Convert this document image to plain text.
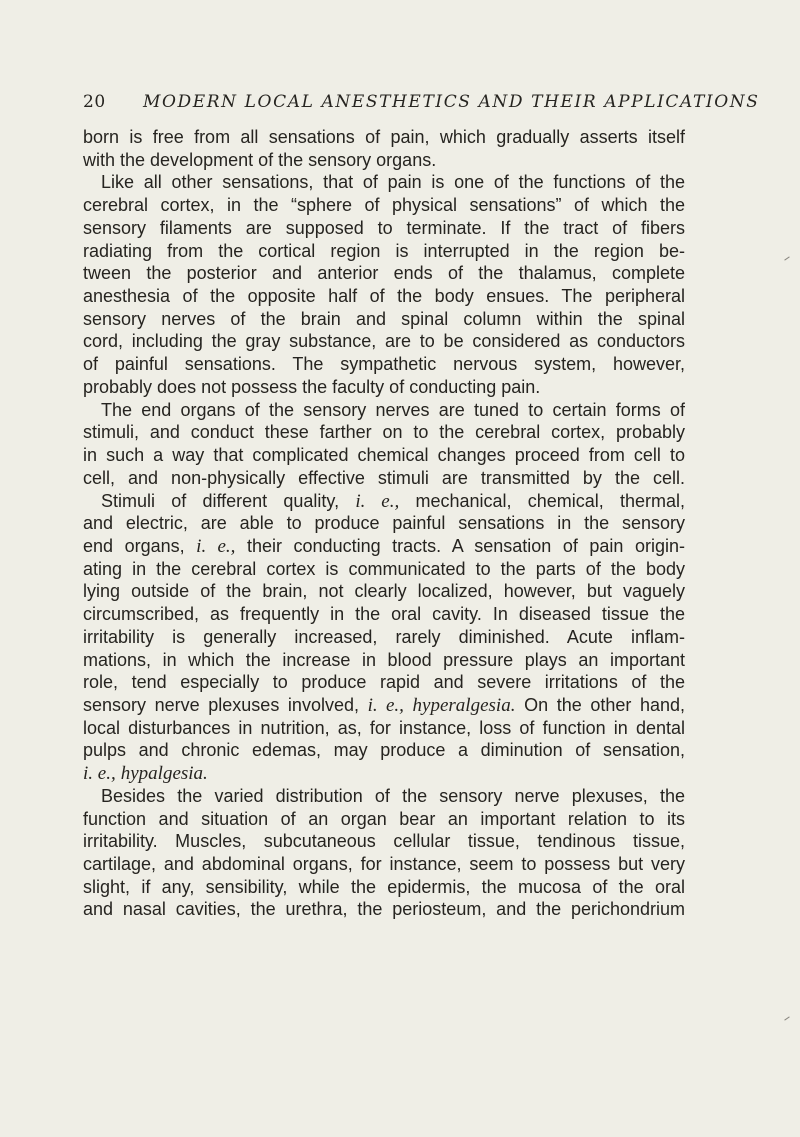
20 MODERN LOCAL ANESTHETICS AND THEIR APPLICATIONS
born is free from all sensations of pain, which gradually asserts itself
with the development of the sensory organs.
Like all other sensations, that of pain is one of the functions of the
cerebral cortex, in the “sphere of physical sensations” of which the
sensory filaments are supposed to terminate. If the tract of fibers
radiating from the cortical region is interrupted in the region be-
tween the posterior and anterior ends of the thalamus, complete
anesthesia of the opposite half of the body ensues. The peripheral
sensory nerves of the brain and spinal column within the spinal
cord, including the gray substance, are to be considered as conductors
of painful sensations. The sympathetic nervous system, however,
probably does not possess the faculty of conducting pain.
The end organs of the sensory nerves are tuned to certain forms of
stimuli, and conduct these farther on to the cerebral cortex, probably
in such a way that complicated chemical changes proceed from cell to
cell, and non-physically effective stimuli are transmitted by the cell.
Stimuli of different quality, i. e., mechanical, chemical, thermal,
and electric, are able to produce painful sensations in the sensory
end organs, i. e., their conducting tracts. A sensation of pain origin-
ating in the cerebral cortex is communicated to the parts of the body
lying outside of the brain, not clearly localized, however, but vaguely
circumscribed, as frequently in the oral cavity. In diseased tissue the
irritability is generally increased, rarely diminished. Acute inflam-
mations, in which the increase in blood pressure plays an important
role, tend especially to produce rapid and severe irritations of the
sensory nerve plexuses involved, i. e., hyperalgesia. On the other hand,
local disturbances in nutrition, as, for instance, loss of function in dental
pulps and chronic edemas, may produce a diminution of sensation,
i. e., hypalgesia.
Besides the varied distribution of the sensory nerve plexuses, the
function and situation of an organ bear an important relation to its
irritability. Muscles, subcutaneous cellular tissue, tendinous tissue,
cartilage, and abdominal organs, for instance, seem to possess but very
slight, if any, sensibility, while the epidermis, the mucosa of the oral
and nasal cavities, the urethra, the periosteum, and the perichondrium
